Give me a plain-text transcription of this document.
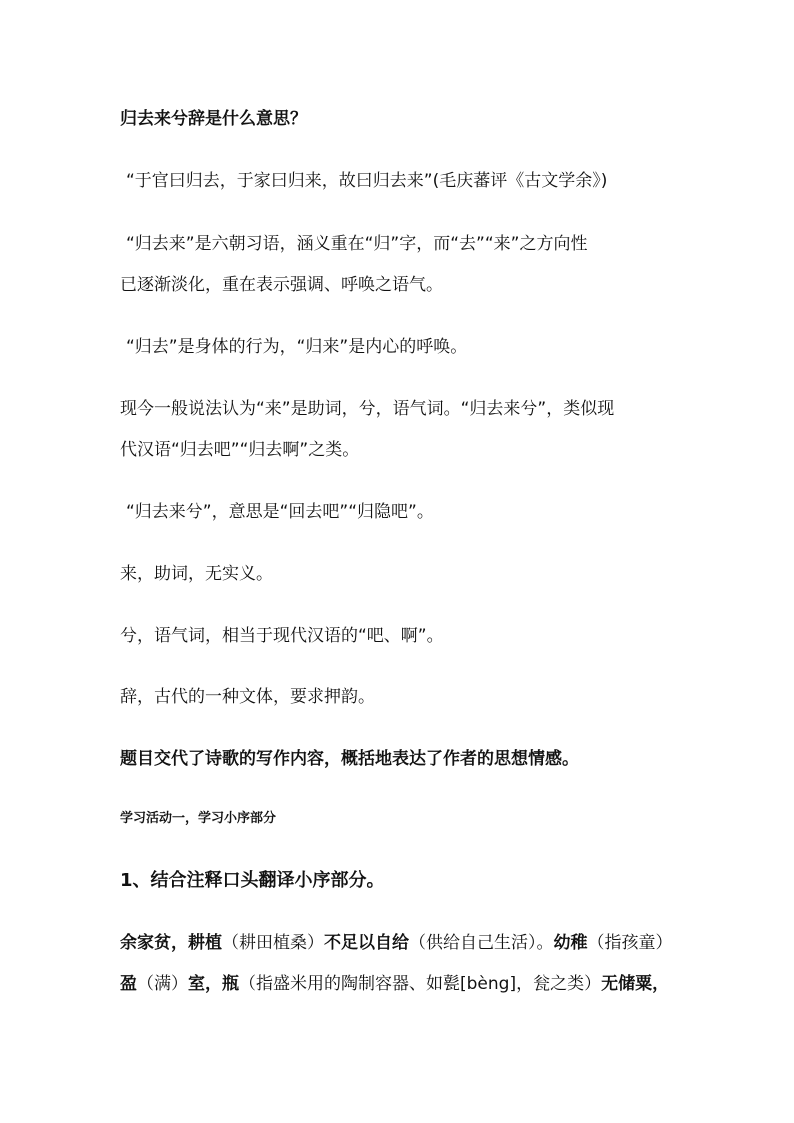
归去来兮辞是什么意思？

“于官曰归去，于家曰归来，故曰归去来”(毛庆蕃评《古文学余》)

“归去来”是六朝习语，涵义重在“归”字，而“去”“来”之方向性

已逐渐淡化，重在表示强调、呼唤之语气。

“归去”是身体的行为，“归来”是内心的呼唤。

现今一般说法认为“来”是助词，兮，语气词。“归去来兮”，类似现

代汉语“归去吧”“归去啊”之类。

“归去来兮”，意思是“回去吧”“归隐吧”。

来，助词，无实义。

兮，语气词，相当于现代汉语的“吧、啊”。

辞，古代的一种文体，要求押韵。

题目交代了诗歌的写作内容，概括地表达了作者的思想情感。

学习活动一，学习小序部分

1、结合注释口头翻译小序部分。

余家贫，耕植（耕田植桑）不足以自给（供给自己生活）。幼稚（指孩童）

盈（满）室，瓶（指盛米用的陶制容器、如甏[bèng]，瓮之类）无储粟，
